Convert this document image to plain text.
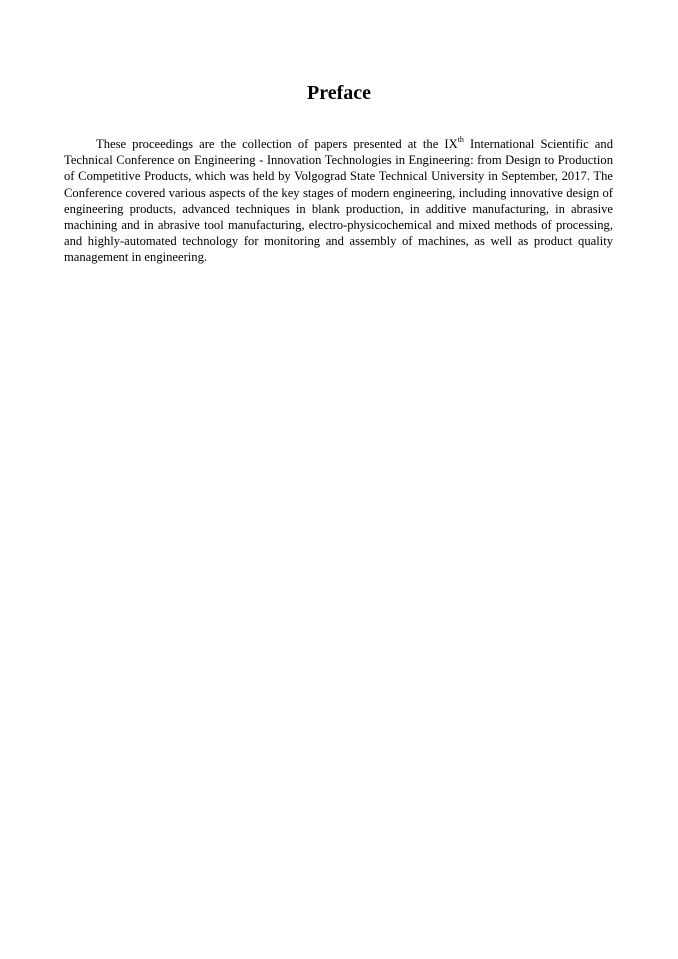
Preface

These proceedings are the collection of papers presented at the IXth International Scientific and Technical Conference on Engineering - Innovation Technologies in Engineering: from Design to Production of Competitive Products, which was held by Volgograd State Technical University in September, 2017. The Conference covered various aspects of the key stages of modern engineering, including innovative design of engineering products, advanced techniques in blank production, in additive manufacturing, in abrasive machining and in abrasive tool manufacturing, electro-physicochemical and mixed methods of processing, and highly-automated technology for monitoring and assembly of machines, as well as product quality management in engineering.
